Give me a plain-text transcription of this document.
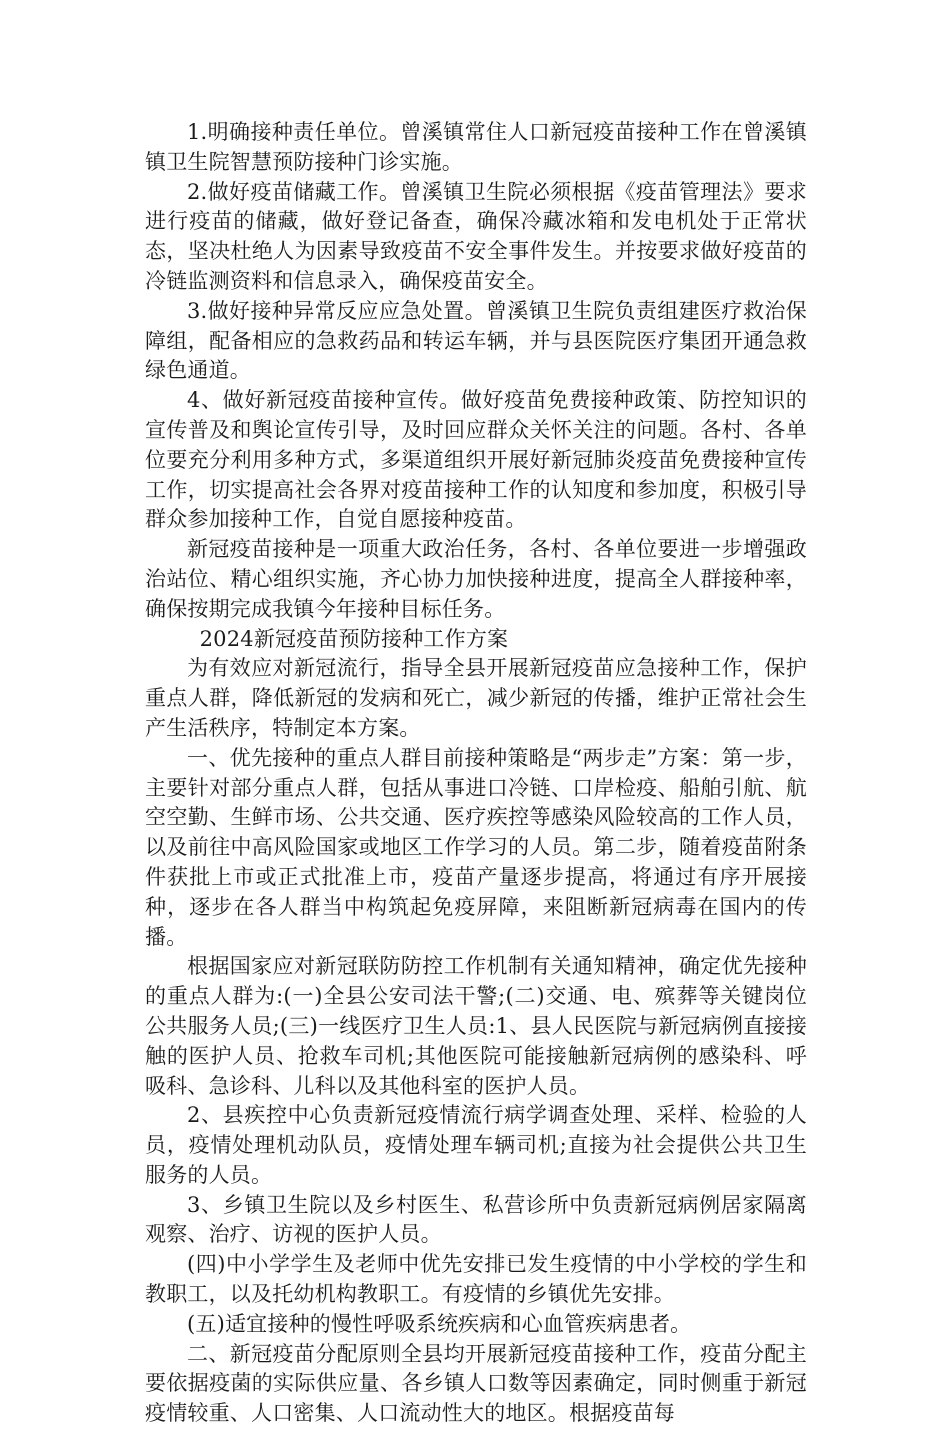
1.明确接种责任单位。曾溪镇常住人口新冠疫苗接种工作在曾溪镇镇卫生院智慧预防接种门诊实施。

2.做好疫苗储藏工作。曾溪镇卫生院必须根据《疫苗管理法》要求进行疫苗的储藏，做好登记备查，确保冷藏冰箱和发电机处于正常状态，坚决杜绝人为因素导致疫苗不安全事件发生。并按要求做好疫苗的冷链监测资料和信息录入，确保疫苗安全。

3.做好接种异常反应应急处置。曾溪镇卫生院负责组建医疗救治保障组，配备相应的急救药品和转运车辆，并与县医院医疗集团开通急救绿色通道。

4、做好新冠疫苗接种宣传。做好疫苗免费接种政策、防控知识的宣传普及和舆论宣传引导，及时回应群众关怀关注的问题。各村、各单位要充分利用多种方式，多渠道组织开展好新冠肺炎疫苗免费接种宣传工作，切实提高社会各界对疫苗接种工作的认知度和参加度，积极引导群众参加接种工作，自觉自愿接种疫苗。

新冠疫苗接种是一项重大政治任务，各村、各单位要进一步增强政治站位、精心组织实施，齐心协力加快接种进度，提高全人群接种率，确保按期完成我镇今年接种目标任务。

2024新冠疫苗预防接种工作方案

为有效应对新冠流行，指导全县开展新冠疫苗应急接种工作，保护重点人群，降低新冠的发病和死亡，减少新冠的传播，维护正常社会生产生活秩序，特制定本方案。

一、优先接种的重点人群目前接种策略是“两步走”方案：第一步，主要针对部分重点人群，包括从事进口冷链、口岸检疫、船舶引航、航空空勤、生鲜市场、公共交通、医疗疾控等感染风险较高的工作人员，以及前往中高风险国家或地区工作学习的人员。第二步，随着疫苗附条件获批上市或正式批准上市，疫苗产量逐步提高，将通过有序开展接种，逐步在各人群当中构筑起免疫屏障，来阻断新冠病毒在国内的传播。

根据国家应对新冠联防防控工作机制有关通知精神，确定优先接种的重点人群为:(一)全县公安司法干警;(二)交通、电、殡葬等关键岗位公共服务人员;(三)一线医疗卫生人员:1、县人民医院与新冠病例直接接触的医护人员、抢救车司机;其他医院可能接触新冠病例的感染科、呼吸科、急诊科、儿科以及其他科室的医护人员。

2、县疾控中心负责新冠疫情流行病学调查处理、采样、检验的人员，疫情处理机动队员，疫情处理车辆司机;直接为社会提供公共卫生服务的人员。

3、乡镇卫生院以及乡村医生、私营诊所中负责新冠病例居家隔离观察、治疗、访视的医护人员。

(四)中小学学生及老师中优先安排已发生疫情的中小学校的学生和教职工，以及托幼机构教职工。有疫情的乡镇优先安排。

(五)适宜接种的慢性呼吸系统疾病和心血管疾病患者。

二、新冠疫苗分配原则全县均开展新冠疫苗接种工作，疫苗分配主要依据疫菌的实际供应量、各乡镇人口数等因素确定，同时侧重于新冠疫情较重、人口密集、人口流动性大的地区。根据疫苗每
